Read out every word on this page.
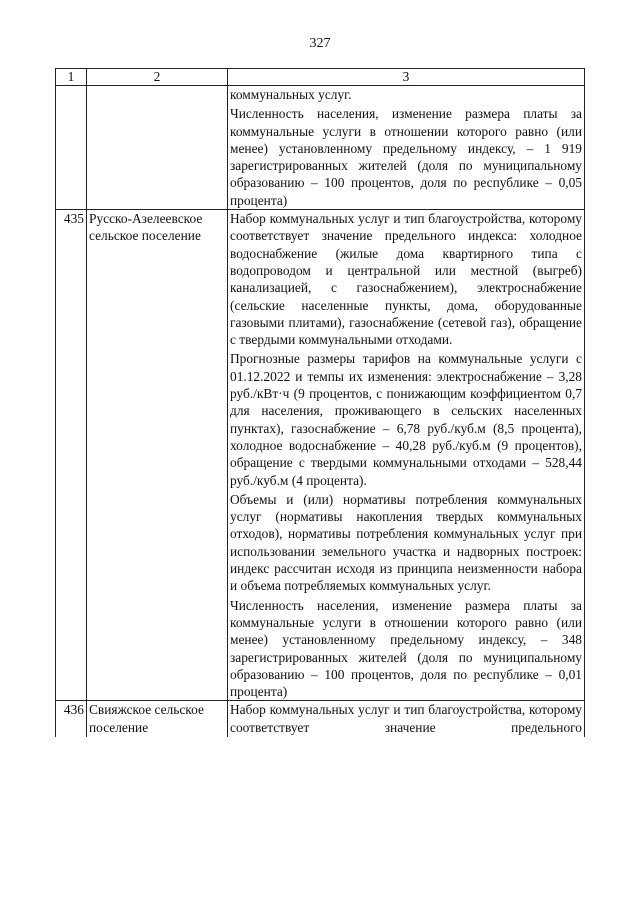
327
1	2	3

		коммунальных услуг.

Численность населения, изменение размера платы за коммунальные услуги в отношении которого равно (или менее) установленному предельному индексу, – 1 919 зарегистрированных жителей (доля по муниципальному образованию – 100 процентов, доля по республике – 0,05 процента)

435	Русско-Азелеевское сельское поселение	Набор коммунальных услуг и тип благоустройства, которому соответствует значение предельного индекса: холодное водоснабжение (жилые дома квартирного типа с водопроводом и центральной или местной (выгреб) канализацией, с газоснабжением), электроснабжение (сельские населенные пункты, дома, оборудованные газовыми плитами), газоснабжение (сетевой газ), обращение с твердыми коммунальными отходами.

Прогнозные размеры тарифов на коммунальные услуги с 01.12.2022 и темпы их изменения: электроснабжение – 3,28 руб./кВт·ч (9 процентов, с понижающим коэффициентом 0,7 для населения, проживающего в сельских населенных пунктах), газоснабжение – 6,78 руб./куб.м (8,5 процента), холодное водоснабжение – 40,28 руб./куб.м (9 процентов), обращение с твердыми коммунальными отходами – 528,44 руб./куб.м (4 процента).

Объемы и (или) нормативы потребления коммунальных услуг (нормативы накопления твердых коммунальных отходов), нормативы потребления коммунальных услуг при использовании земельного участка и надворных построек: индекс рассчитан исходя из принципа неизменности набора и объема потребляемых коммунальных услуг.

Численность населения, изменение размера платы за коммунальные услуги в отношении которого равно (или менее) установленному предельному индексу, – 348 зарегистрированных жителей (доля по муниципальному образованию – 100 процентов, доля по республике – 0,01 процента)

436	Свияжское сельское поселение	Набор коммунальных услуг и тип благоустройства, которому соответствует значение предельного
